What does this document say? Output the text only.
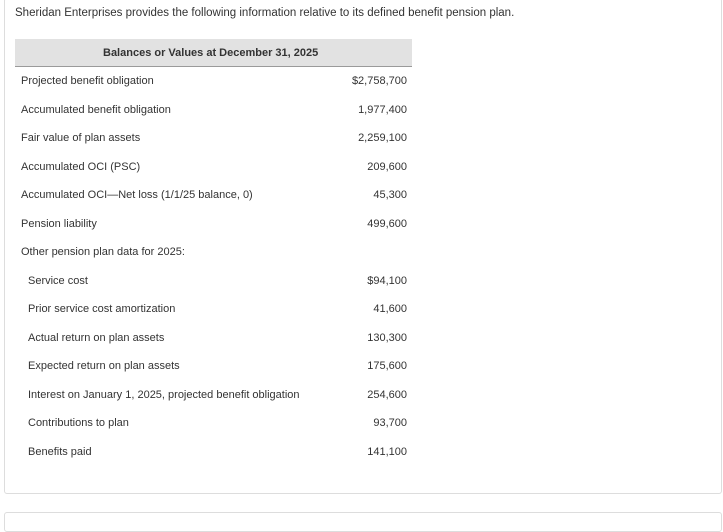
Sheridan Enterprises provides the following information relative to its defined benefit pension plan.
Balances or Values at December 31, 2025
Projected benefit obligation	$2,758,700
Accumulated benefit obligation	1,977,400
Fair value of plan assets	2,259,100
Accumulated OCI (PSC)	209,600
Accumulated OCI—Net loss (1/1/25 balance, 0)	45,300
Pension liability	499,600
Other pension plan data for 2025:
Service cost	$94,100
Prior service cost amortization	41,600
Actual return on plan assets	130,300
Expected return on plan assets	175,600
Interest on January 1, 2025, projected benefit obligation	254,600
Contributions to plan	93,700
Benefits paid	141,100
